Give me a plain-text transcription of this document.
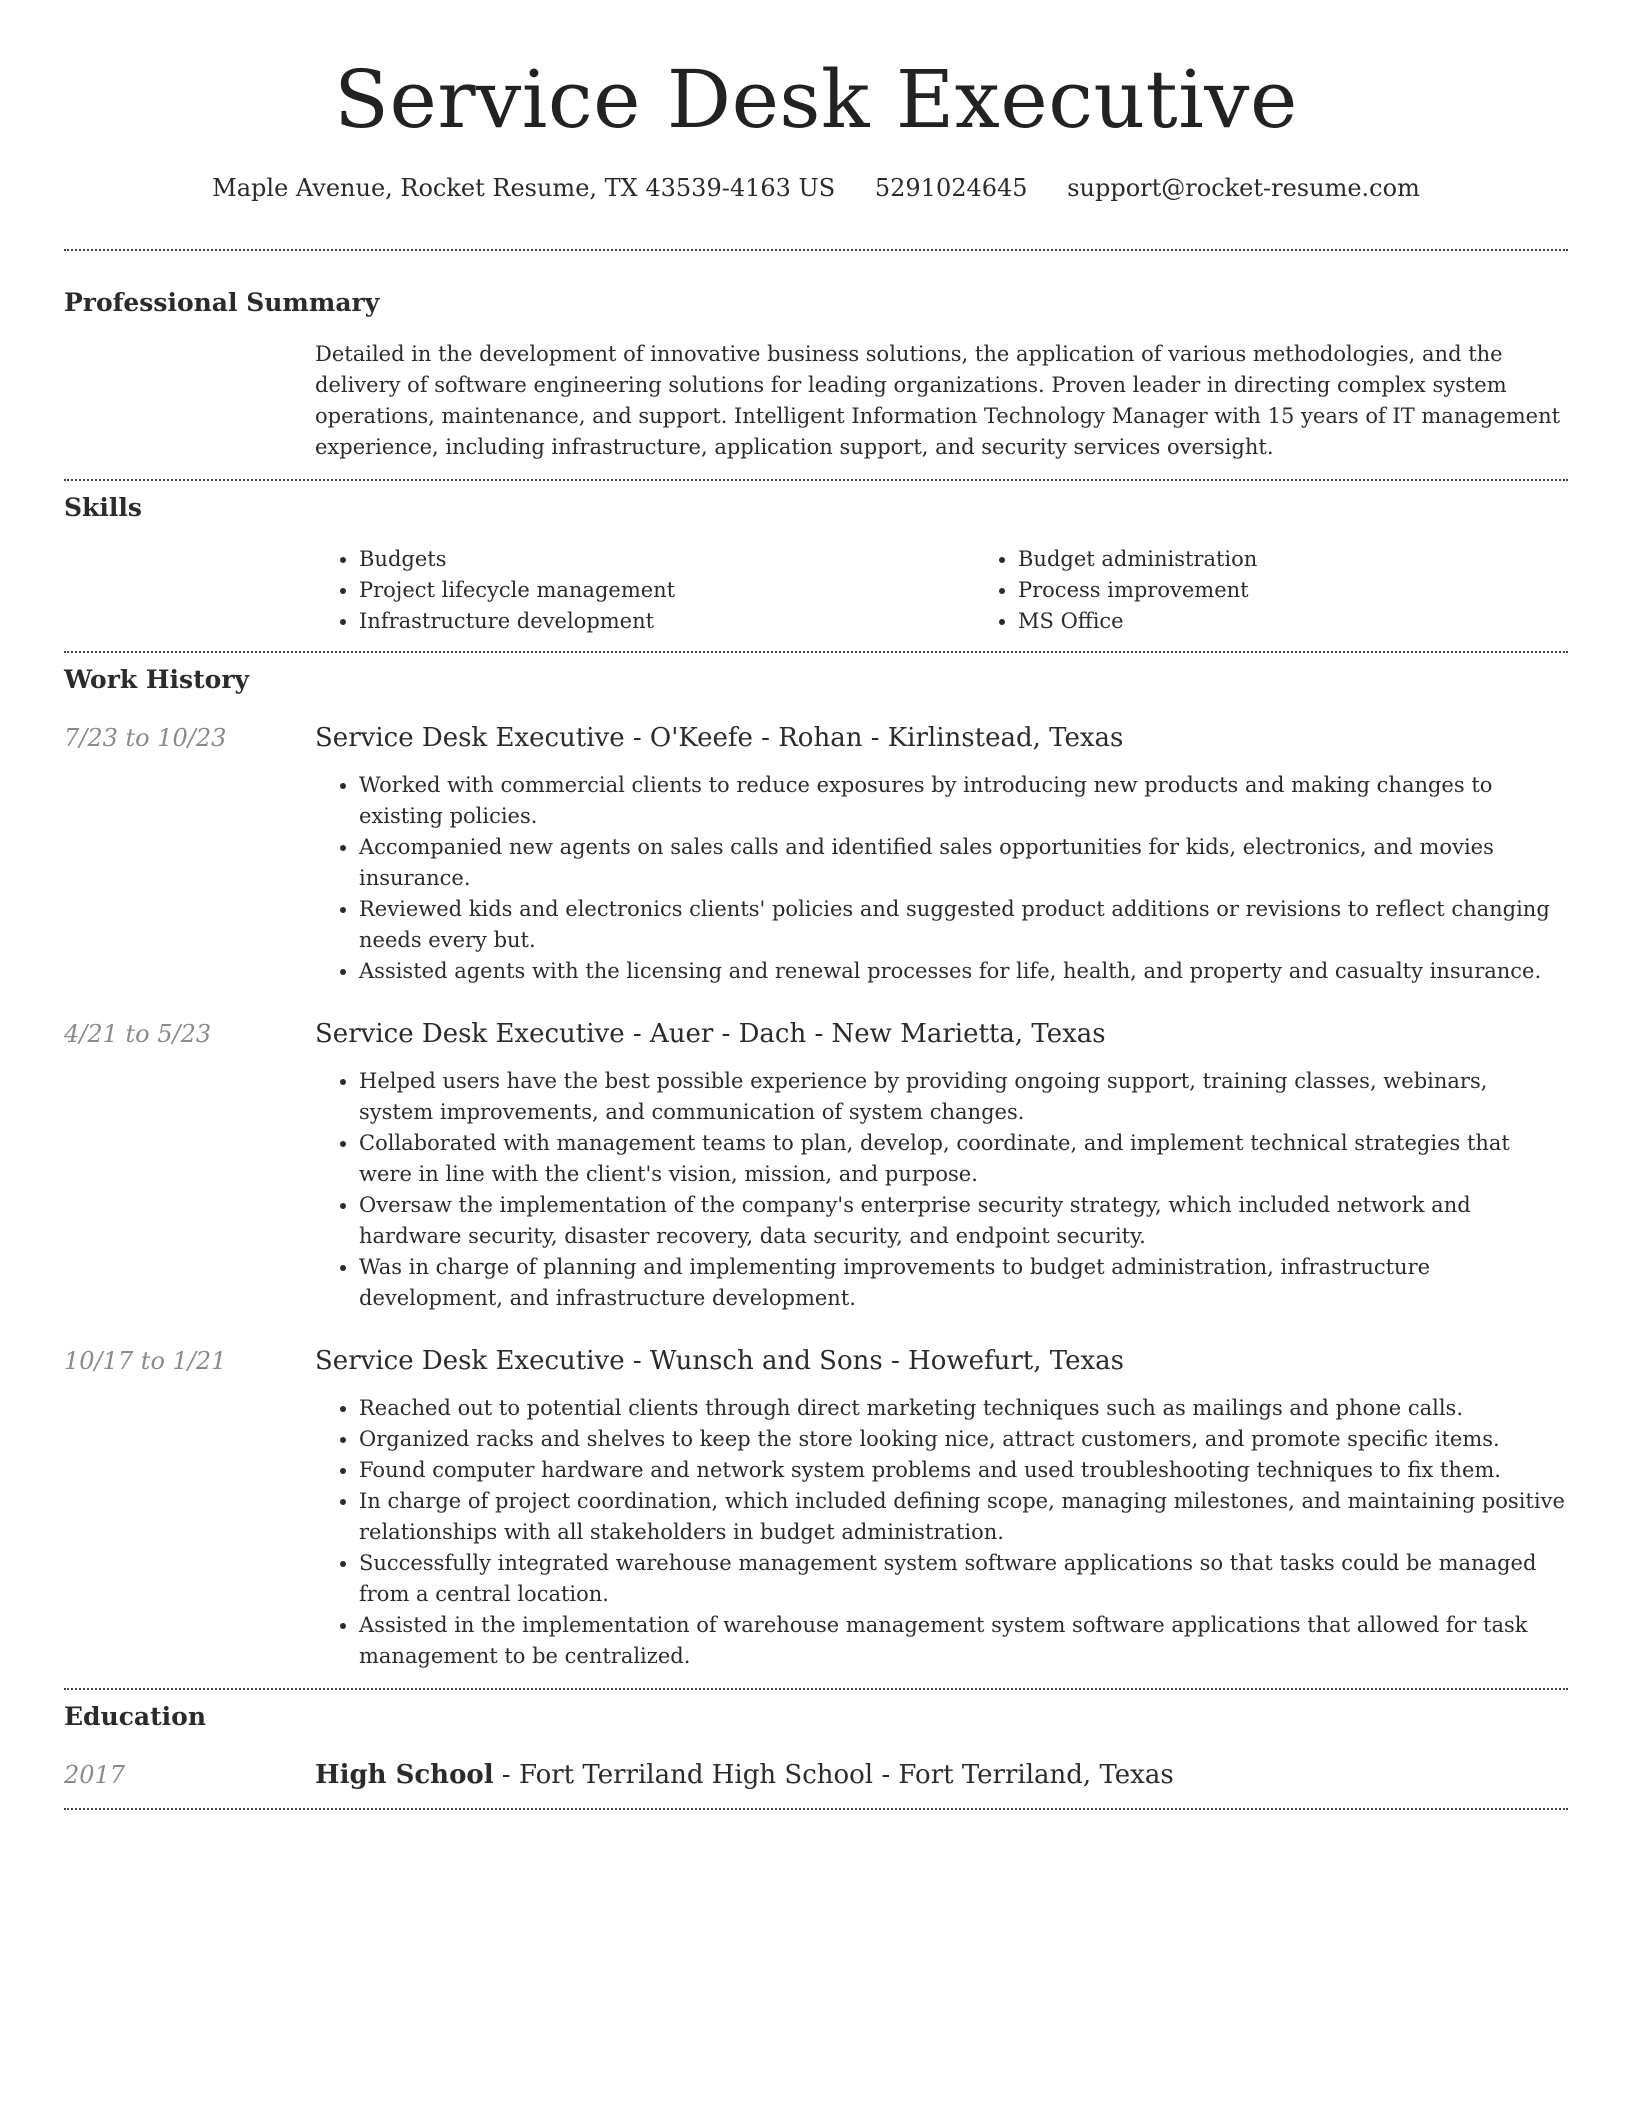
Service Desk Executive
Maple Avenue, Rocket Resume, TX 43539-4163 US 5291024645 support@rocket-resume.com
Professional Summary

Detailed in the development of innovative business solutions, the application of various methodologies, and the delivery of software engineering solutions for leading organizations. Proven leader in directing complex system operations, maintenance, and support. Intelligent Information Technology Manager with 15 years of IT management experience, including infrastructure, application support, and security services oversight.

Skills
• Budgets
• Project lifecycle management
• Infrastructure development
• Budget administration
• Process improvement
• MS Office
Work History
7/23 to 10/23	Service Desk Executive - O'Keefe - Rohan - Kirlinstead, Texas
• Worked with commercial clients to reduce exposures by introducing new products and making changes to existing policies.
• Accompanied new agents on sales calls and identified sales opportunities for kids, electronics, and movies insurance.
• Reviewed kids and electronics clients' policies and suggested product additions or revisions to reflect changing needs every but.
• Assisted agents with the licensing and renewal processes for life, health, and property and casualty insurance.
4/21 to 5/23	Service Desk Executive - Auer - Dach - New Marietta, Texas
• Helped users have the best possible experience by providing ongoing support, training classes, webinars, system improvements, and communication of system changes.
• Collaborated with management teams to plan, develop, coordinate, and implement technical strategies that were in line with the client's vision, mission, and purpose.
• Oversaw the implementation of the company's enterprise security strategy, which included network and hardware security, disaster recovery, data security, and endpoint security.
• Was in charge of planning and implementing improvements to budget administration, infrastructure development, and infrastructure development.
10/17 to 1/21	Service Desk Executive - Wunsch and Sons - Howefurt, Texas
• Reached out to potential clients through direct marketing techniques such as mailings and phone calls.
• Organized racks and shelves to keep the store looking nice, attract customers, and promote specific items.
• Found computer hardware and network system problems and used troubleshooting techniques to fix them.
• In charge of project coordination, which included defining scope, managing milestones, and maintaining positive relationships with all stakeholders in budget administration.
• Successfully integrated warehouse management system software applications so that tasks could be managed from a central location.
• Assisted in the implementation of warehouse management system software applications that allowed for task management to be centralized.
Education
2017	High School - Fort Terriland High School - Fort Terriland, Texas
